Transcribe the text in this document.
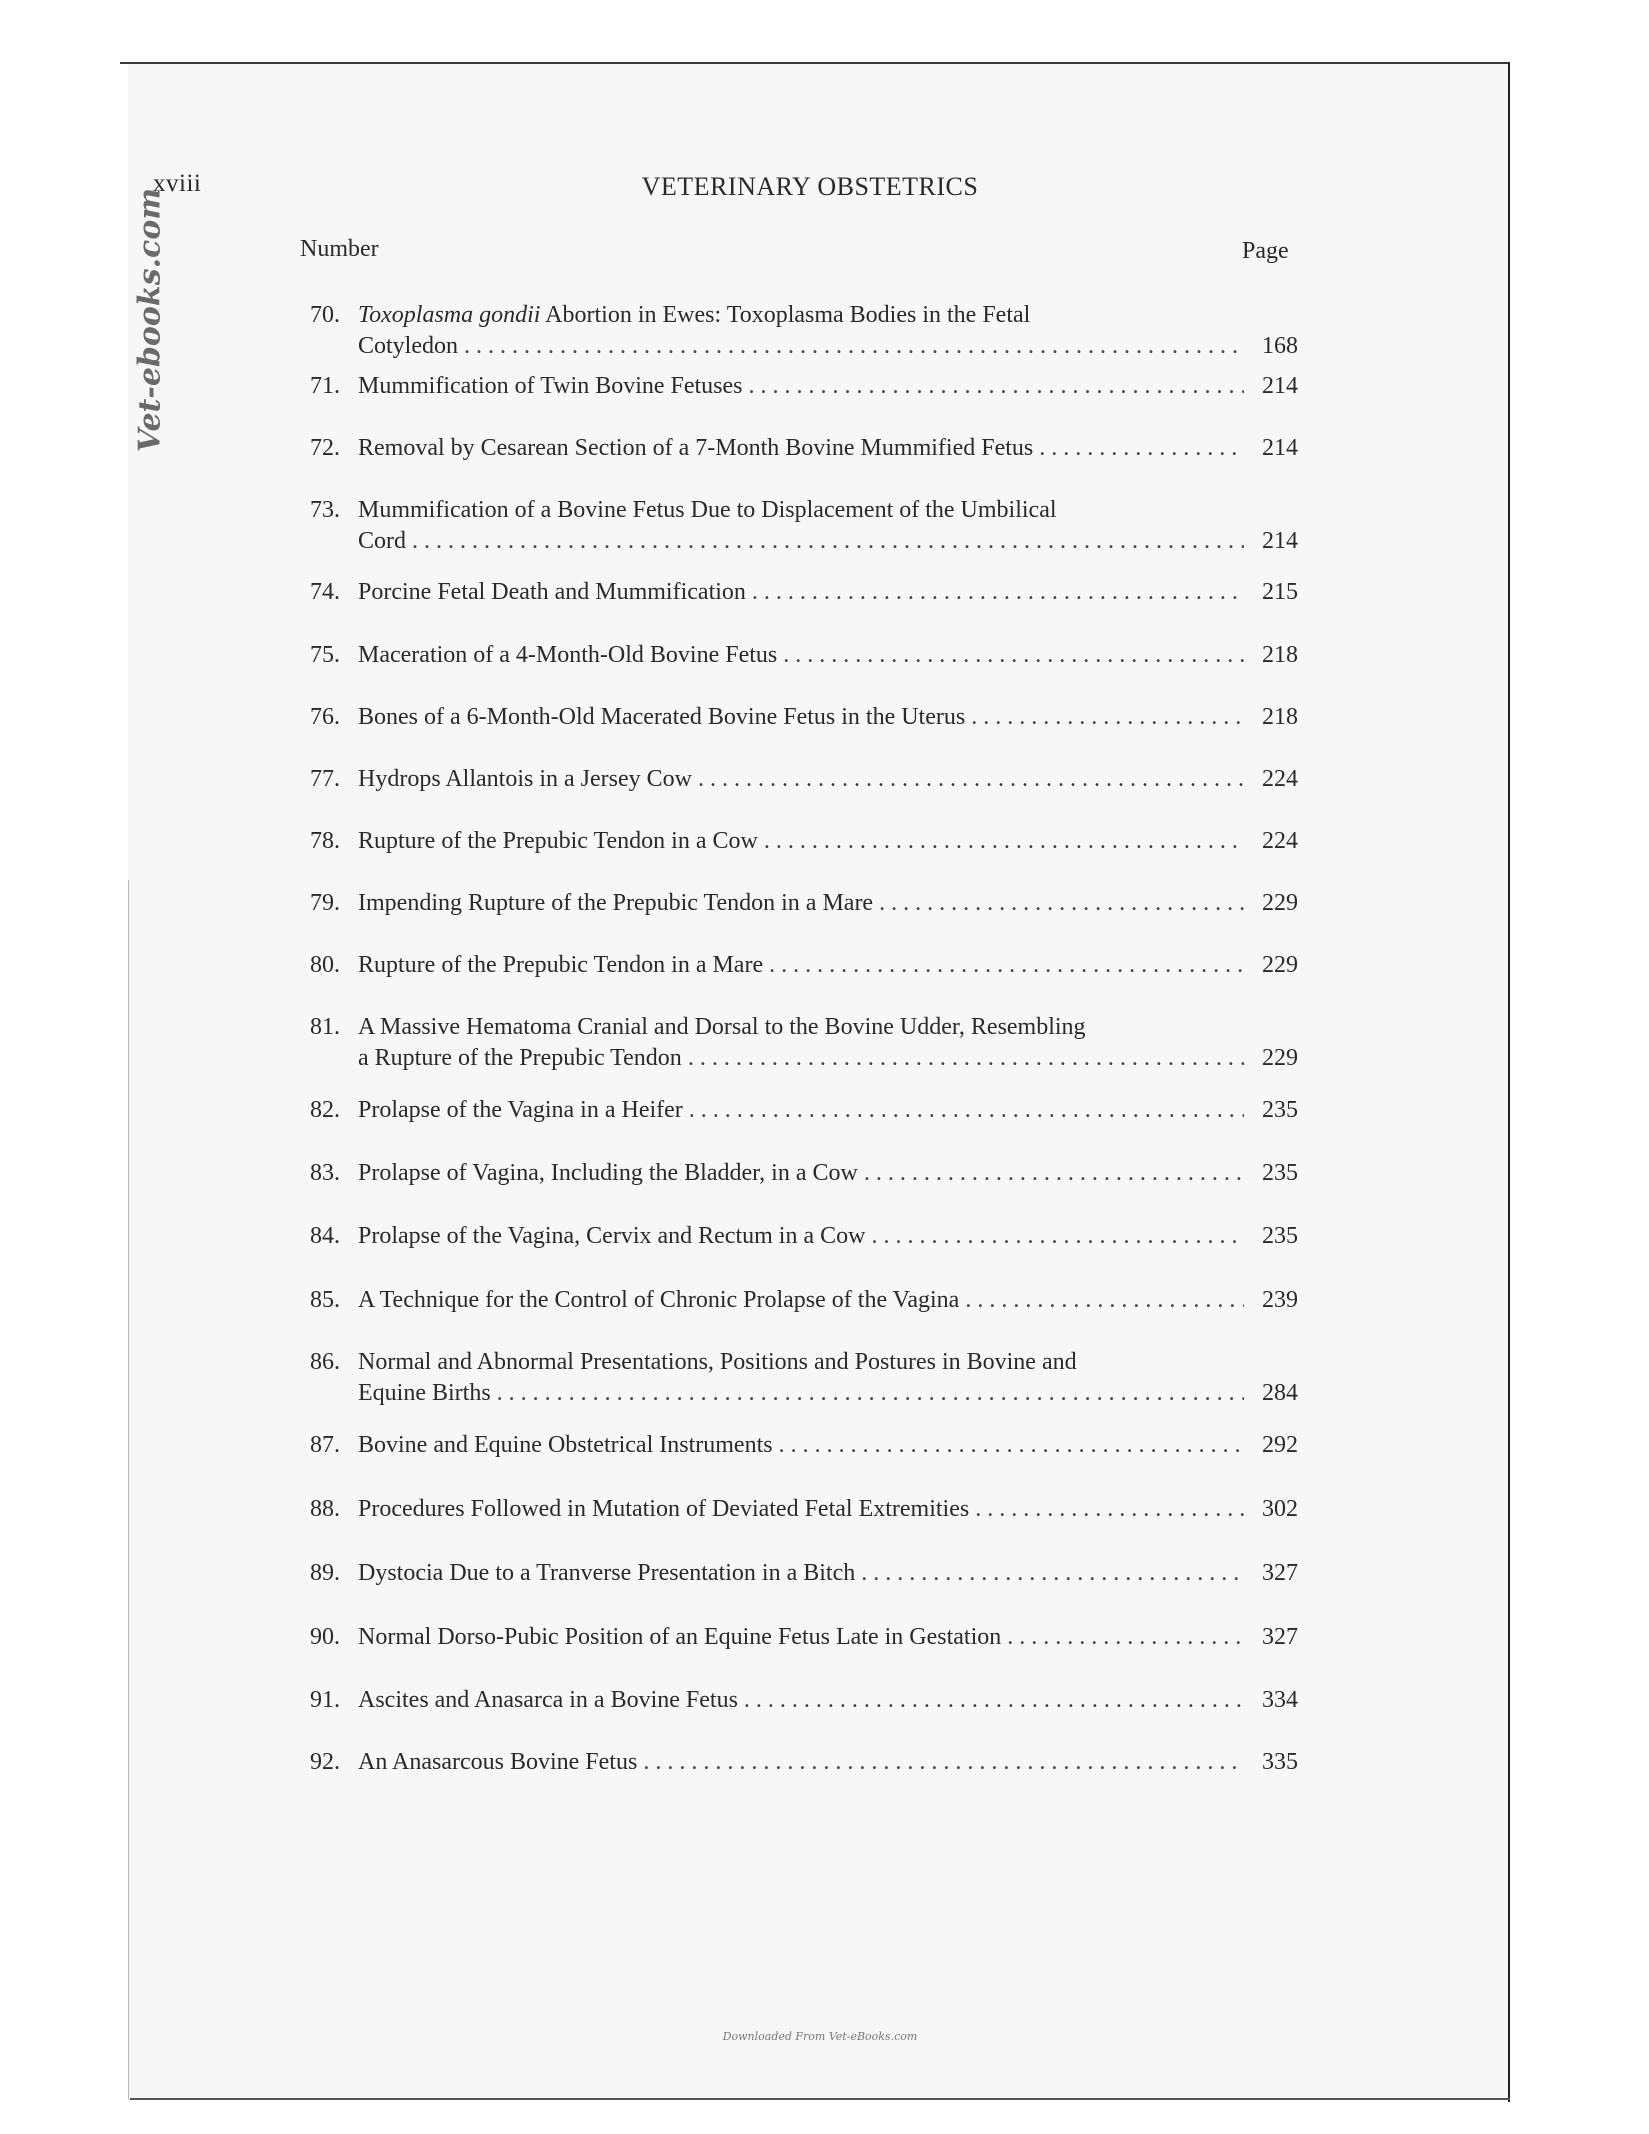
xviii	VETERINARY OBSTETRICS
Vet-ebooks.com	Number	Page
70. Toxoplasma gondii Abortion in Ewes: Toxoplasma Bodies in the Fetal
Cotyledon . . .	168
71. Mummification of Twin Bovine Fetuses . . .	214
72. Removal by Cesarean Section of a 7-Month Bovine Mummified Fetus . . .	214
73. Mummification of a Bovine Fetus Due to Displacement of the Umbilical
Cord . . .	214
74. Porcine Fetal Death and Mummification . . .	215
75. Maceration of a 4-Month-Old Bovine Fetus . . .	218
76. Bones of a 6-Month-Old Macerated Bovine Fetus in the Uterus . . .	218
77. Hydrops Allantois in a Jersey Cow . . .	224
78. Rupture of the Prepubic Tendon in a Cow . . .	224
79. Impending Rupture of the Prepubic Tendon in a Mare . . .	229
80. Rupture of the Prepubic Tendon in a Mare . . .	229
81. A Massive Hematoma Cranial and Dorsal to the Bovine Udder, Resembling
a Rupture of the Prepubic Tendon . . .	229
82. Prolapse of the Vagina in a Heifer . . .	235
83. Prolapse of Vagina, Including the Bladder, in a Cow . . .	235
84. Prolapse of the Vagina, Cervix and Rectum in a Cow . . .	235
85. A Technique for the Control of Chronic Prolapse of the Vagina . . .	239
86. Normal and Abnormal Presentations, Positions and Postures in Bovine and
Equine Births . . .	284
87. Bovine and Equine Obstetrical Instruments . . .	292
88. Procedures Followed in Mutation of Deviated Fetal Extremities . . .	302
89. Dystocia Due to a Tranverse Presentation in a Bitch . . .	327
90. Normal Dorso-Pubic Position of an Equine Fetus Late in Gestation . . .	327
91. Ascites and Anasarca in a Bovine Fetus . . .	334
92. An Anasarcous Bovine Fetus . . .	335
Downloaded From Vet-eBooks.com
